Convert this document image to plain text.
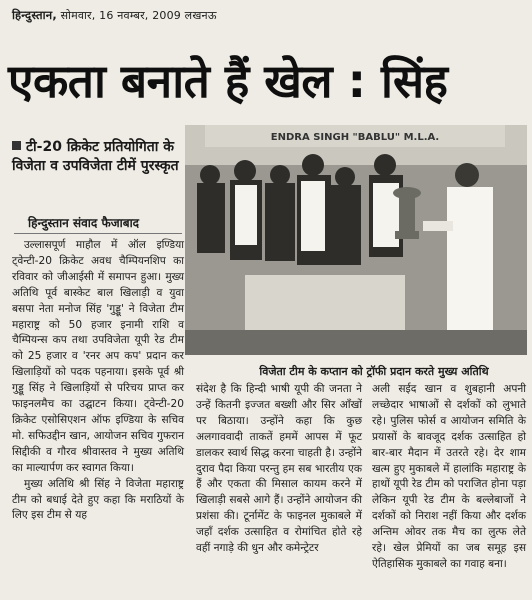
हिन्दुस्तान, सोमवार, 16 नवम्बर, 2009 लखनऊ
एकता बनाते हैं खेल : सिंह
टी-20 क्रिकेट प्रतियोगिता के विजेता व उपविजेता टीमें पुरस्कृत
हिन्दुस्तान संवाद फैजाबाद
ENDRA SINGH "BABLU" M.L.A.
विजेता टीम के कप्तान को ट्रॉफी प्रदान करते मुख्य अतिथि

उल्लासपूर्ण माहौल में ऑल इण्डिया ट्वेन्टी-20 क्रिकेट अवध चैम्पियनशिप का रविवार को जीआईसी में समापन हुआ। मुख्य अतिथि पूर्व बास्केट बाल खिलाड़ी व युवा बसपा नेता मनोज सिंह 'गुड्डू' ने विजेता टीम महाराष्ट्र को 50 हजार इनामी राशि व चैम्पियन्स कप तथा उपविजेता यूपी रेड टीम को 25 हजार व 'रनर अप कप' प्रदान कर खिलाड़ियों को पदक पहनाया। इसके पूर्व श्री गुड्डू सिंह ने खिलाड़ियों से परिचय प्राप्त कर फाइनलमैच का उद्घाटन किया। ट्वेन्टी-20 क्रिकेट एसोसिएशन ऑफ इण्डिया के सचिव मो. सफिउद्दीन खान, आयोजन सचिव गुफरान सिद्दीकी व गौरव श्रीवास्तव ने मुख्य अतिथि का माल्यार्पण कर स्वागत किया।

मुख्य अतिथि श्री सिंह ने विजेता महाराष्ट्र टीम को बधाई देते हुए कहा कि मराठियों के लिए इस टीम से यह

संदेश है कि हिन्दी भाषी यूपी की जनता ने उन्हें कितनी इज्जत बख्शी और सिर आँखों पर बिठाया। उन्होंने कहा कि कुछ अलगाववादी ताकतें हममें आपस में फूट डालकर स्वार्थ सिद्ध करना चाहती है। उन्होंने दुराव पैदा किया परन्तु हम सब भारतीय एक हैं और एकता की मिसाल कायम करने में खिलाड़ी सबसे आगे हैं। उन्होंने आयोजन की प्रशंसा की। टूर्नामेंट के फाइनल मुकाबले में जहाँ दर्शक उत्साहित व रोमांचित होते रहे वहीं नगाड़े की धुन और कमेन्ट्रेटर

अली सईद खान व शुबहानी अपनी लच्छेदार भाषाओं से दर्शकों को लुभाते रहे। पुलिस फोर्स व आयोजन समिति के प्रयासों के बावजूद दर्शक उत्साहित हो बार-बार मैदान में उतरते रहे। देर शाम खत्म हुए मुकाबले में हालांकि महाराष्ट्र के हाथों यूपी रेड टीम को पराजित होना पड़ा लेकिन यूपी रेड टीम के बल्लेबाजों ने दर्शकों को निराश नहीं किया और दर्शक अन्तिम ओवर तक मैच का लुत्फ लेते रहे। खेल प्रेमियों का जब समूह इस ऐतिहासिक मुकाबले का गवाह बना।
